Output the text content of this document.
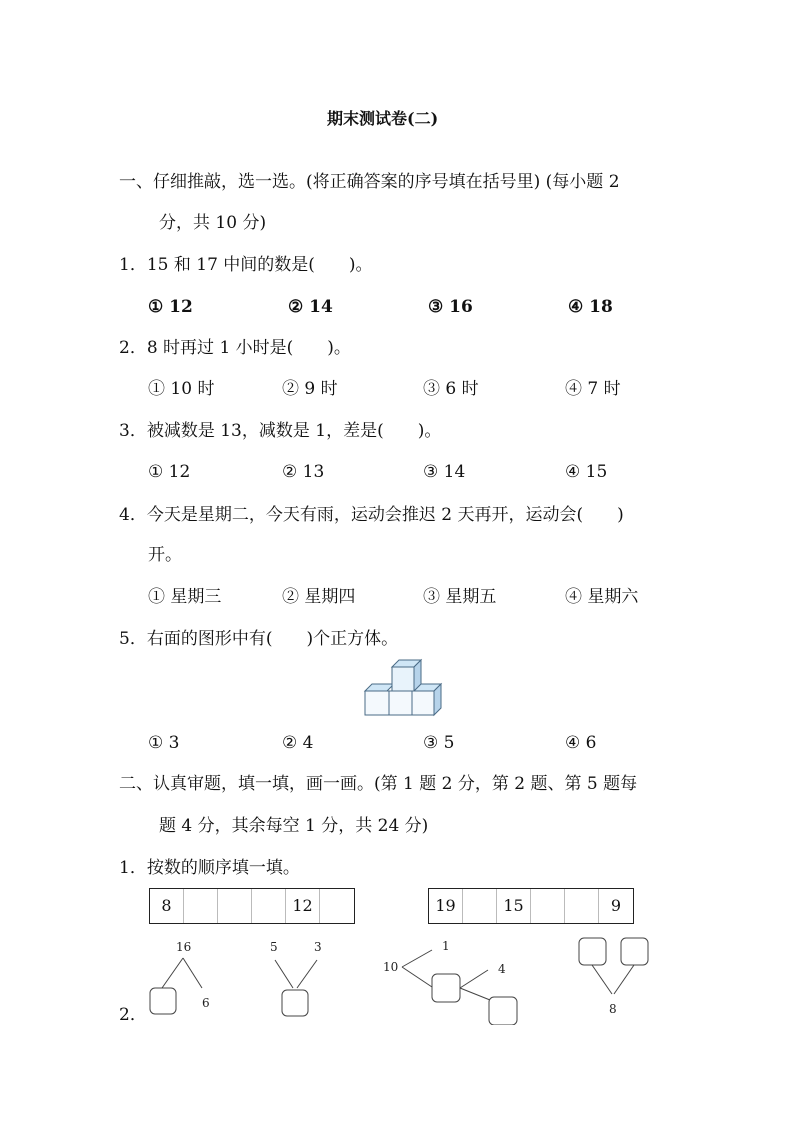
期末测试卷(二)
一、仔细推敲，选一选。(将正确答案的序号填在括号里) (每小题 2
分，共 10 分)
1．15 和 17 中间的数是(　　)。
① 12	② 14	③ 16	④ 18
2．8 时再过 1 小时是(　　)。
① 10 时	② 9 时	③ 6 时	④ 7 时
3．被减数是 13，减数是 1，差是(　　)。
① 12	② 13	③ 14	④ 15
4．今天是星期二，今天有雨，运动会推迟 2 天再开，运动会(　　)
开。
① 星期三	② 星期四	③ 星期五	④ 星期六
5．右面的图形中有(　　)个正方体。
① 3	② 4	③ 5	④ 6
二、认真审题，填一填，画一画。(第 1 题 2 分，第 2 题、第 5 题每
题 4 分，其余每空 1 分，共 24 分)
1．按数的顺序填一填。
8	12	19	15	9
2．
16
6
5	3
10
1
4
8
